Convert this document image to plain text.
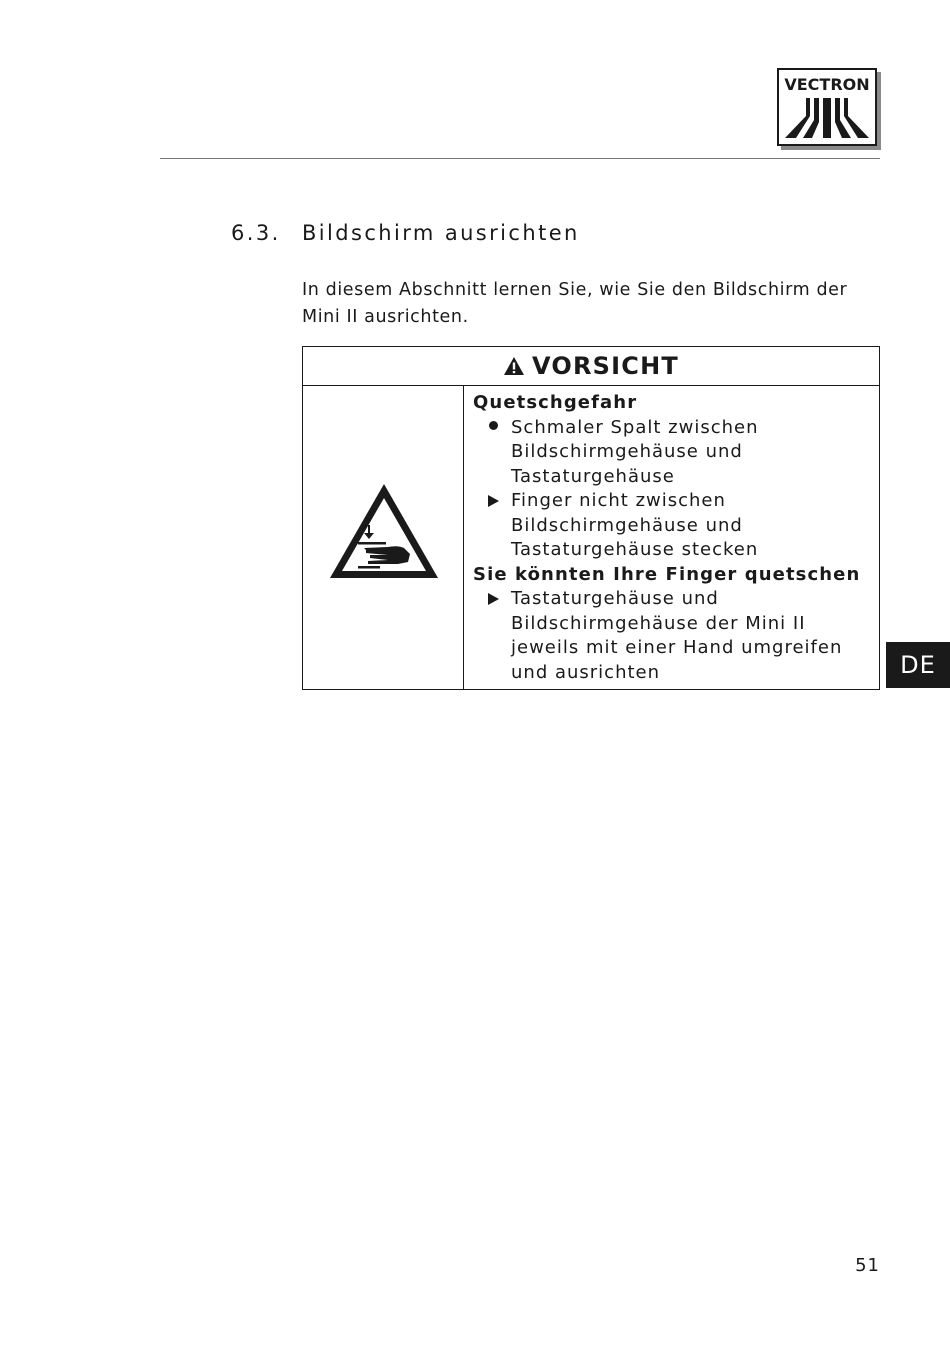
VECTRON
6.3. Bildschirm ausrichten
In diesem Abschnitt lernen Sie, wie Sie den Bildschirm der
Mini II ausrichten.
VORSICHT
Quetschgefahr
Schmaler Spalt zwischen
Bildschirmgehäuse und
Tastaturgehäuse
Finger nicht zwischen
Bildschirmgehäuse und
Tastaturgehäuse stecken
Sie könnten Ihre Finger quetschen
Tastaturgehäuse und
Bildschirmgehäuse der Mini II
jeweils mit einer Hand umgreifen
und ausrichten	DE
51
